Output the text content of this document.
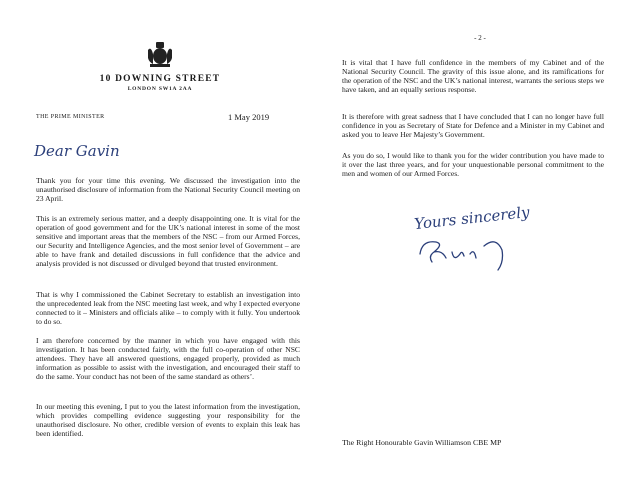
10 DOWNING STREET
LONDON SW1A 2AA
THE PRIME MINISTER	1 May 2019
Dear Gavin

Thank you for your time this evening. We discussed the investigation into the unauthorised disclosure of information from the National Security Council meeting on 23 April.

This is an extremely serious matter, and a deeply disappointing one. It is vital for the operation of good government and for the UK’s national interest in some of the most sensitive and important areas that the members of the NSC – from our Armed Forces, our Security and Intelligence Agencies, and the most senior level of Government – are able to have frank and detailed discussions in full confidence that the advice and analysis provided is not discussed or divulged beyond that trusted environment.

That is why I commissioned the Cabinet Secretary to establish an investigation into the unprecedented leak from the NSC meeting last week, and why I expected everyone connected to it – Ministers and officials alike – to comply with it fully. You undertook to do so.

I am therefore concerned by the manner in which you have engaged with this investigation. It has been conducted fairly, with the full co-operation of other NSC attendees. They have all answered questions, engaged properly, provided as much information as possible to assist with the investigation, and encouraged their staff to do the same. Your conduct has not been of the same standard as others’.

In our meeting this evening, I put to you the latest information from the investigation, which provides compelling evidence suggesting your responsibility for the unauthorised disclosure. No other, credible version of events to explain this leak has been identified.

- 2 -

It is vital that I have full confidence in the members of my Cabinet and of the National Security Council. The gravity of this issue alone, and its ramifications for the operation of the NSC and the UK’s national interest, warrants the serious steps we have taken, and an equally serious response.

It is therefore with great sadness that I have concluded that I can no longer have full confidence in you as Secretary of State for Defence and a Minister in my Cabinet and asked you to leave Her Majesty’s Government.

As you do so, I would like to thank you for the wider contribution you have made to it over the last three years, and for your unquestionable personal commitment to the men and women of our Armed Forces.

Yours sincerely
The Right Honourable Gavin Williamson CBE MP
